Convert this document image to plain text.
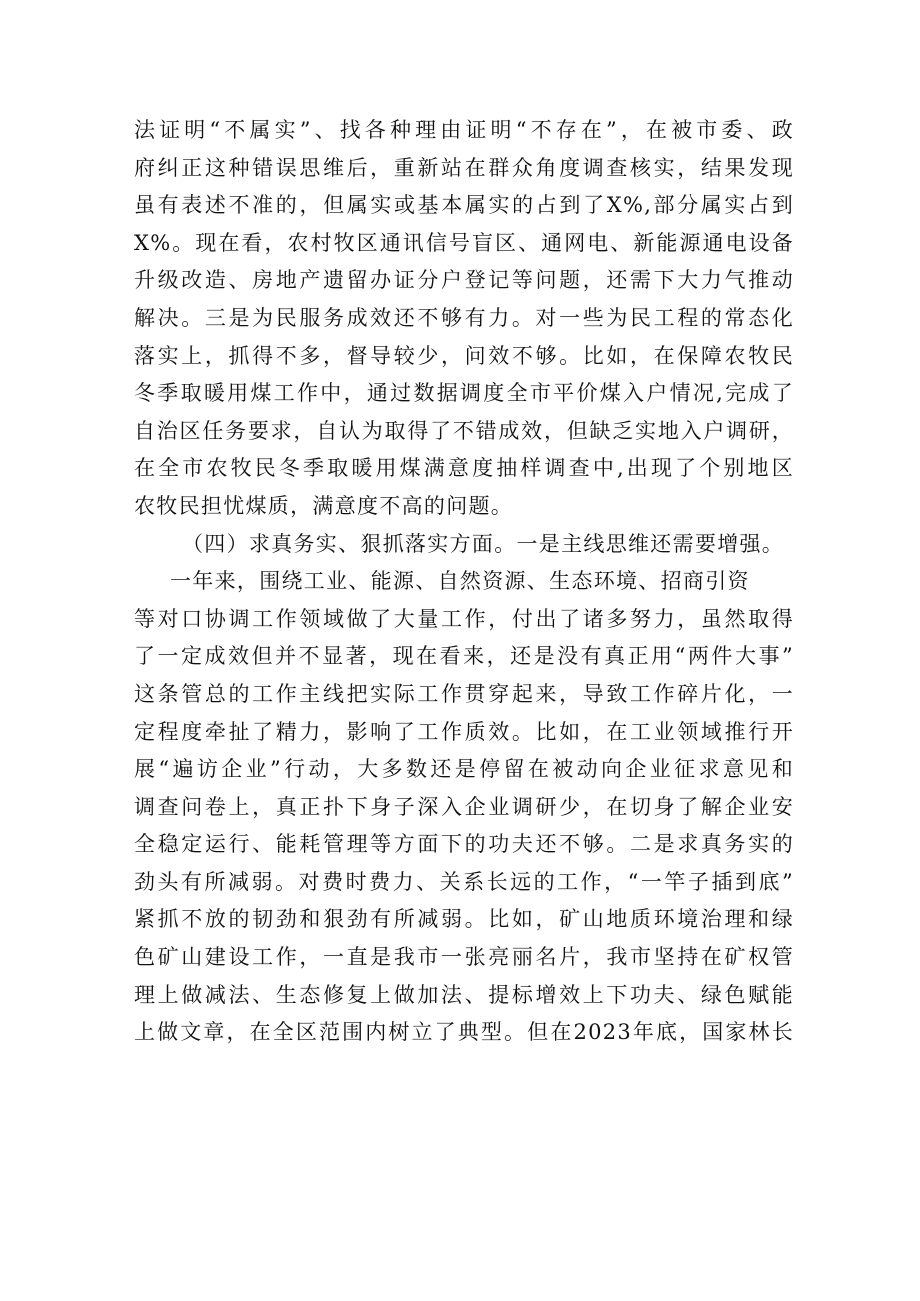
法证明“不属实”、找各种理由证明“不存在”，在被市委、政
府纠正这种错误思维后，重新站在群众角度调查核实，结果发现
虽有表述不准的，但属实或基本属实的占到了X%,部分属实占到
X%。现在看，农村牧区通讯信号盲区、通网电、新能源通电设备
升级改造、房地产遗留办证分户登记等问题，还需下大力气推动
解决。三是为民服务成效还不够有力。对一些为民工程的常态化
落实上，抓得不多，督导较少，问效不够。比如，在保障农牧民
冬季取暖用煤工作中，通过数据调度全市平价煤入户情况,完成了
自治区任务要求，自认为取得了不错成效，但缺乏实地入户调研，
在全市农牧民冬季取暖用煤满意度抽样调查中,出现了个别地区
农牧民担忧煤质，满意度不高的问题。
（四）求真务实、狠抓落实方面。一是主线思维还需要增强。
一年来，围绕工业、能源、自然资源、生态环境、招商引资
等对口协调工作领域做了大量工作，付出了诸多努力，虽然取得
了一定成效但并不显著，现在看来，还是没有真正用“两件大事”
这条管总的工作主线把实际工作贯穿起来，导致工作碎片化，一
定程度牵扯了精力，影响了工作质效。比如，在工业领域推行开
展“遍访企业”行动，大多数还是停留在被动向企业征求意见和
调查问卷上，真正扑下身子深入企业调研少，在切身了解企业安
全稳定运行、能耗管理等方面下的功夫还不够。二是求真务实的
劲头有所减弱。对费时费力、关系长远的工作，“一竿子插到底”
紧抓不放的韧劲和狠劲有所减弱。比如，矿山地质环境治理和绿
色矿山建设工作，一直是我市一张亮丽名片，我市坚持在矿权管
理上做减法、生态修复上做加法、提标增效上下功夫、绿色赋能
上做文章，在全区范围内树立了典型。但在2023年底，国家林长
